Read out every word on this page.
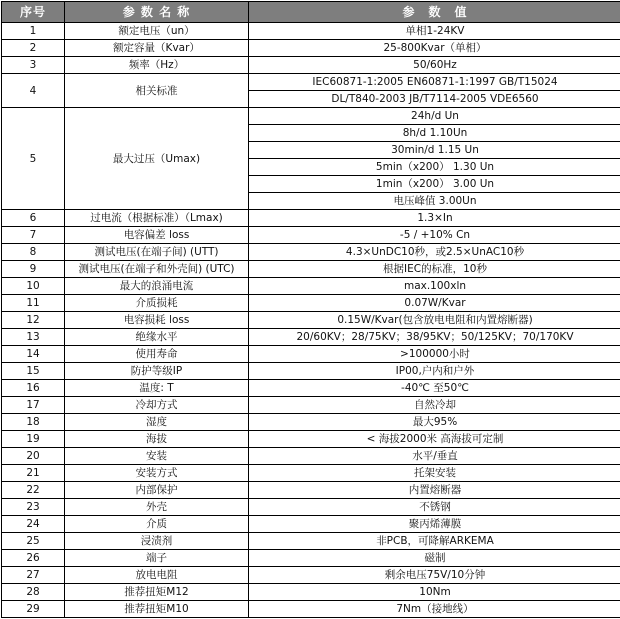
序号	参 数 名 称	参　数　值
1	额定电压（un）	单相1-24KV
2	额定容量（Kvar）	25-800Kvar（单相）
3	频率（Hz）	50/60Hz
4	相关标准	IEC60871-1:2005 EN60871-1:1997 GB/T15024
		DL/T840-2003 JB/T7114-2005 VDE6560
5	最大过压（Umax)	24h/d Un
		8h/d 1.10Un
		30min/d 1.15 Un
		5min（x200） 1.30 Un
		1min（x200） 3.00 Un
		电压峰值 3.00Un
6	过电流（根据标准）（Lmax)	1.3×In
7	电容偏差 loss	-5 / +10% Cn
8	测试电压(在端子间) (UTT)	4.3×UnDC10秒，或2.5×UnAC10秒
9	测试电压(在端子和外壳间) (UTC)	根据IEC的标准，10秒
10	最大的浪涌电流	max.100xln
11	介质损耗	0.07W/Kvar
12	电容损耗 loss	0.15W/Kvar(包含放电电阻和内置熔断器)
13	绝缘水平	20/60KV；28/75KV；38/95KV；50/125KV；70/170KV
14	使用寿命	>100000小时
15	防护等级IP	IP00,户内和户外
16	温度: T	-40℃ 至50℃
17	冷却方式	自然冷却
18	湿度	最大95%
19	海拔	< 海拔2000米 高海拔可定制
20	安装	水平/垂直
21	安装方式	托架安装
22	内部保护	内置熔断器
23	外壳	不锈钢
24	介质	聚丙烯薄膜
25	浸渍剂	非PCB，可降解ARKEMA
26	端子	磁制
27	放电电阻	剩余电压75V/10分钟
28	推荐扭矩M12	10Nm
29	推荐扭矩M10	7Nm（接地线）
